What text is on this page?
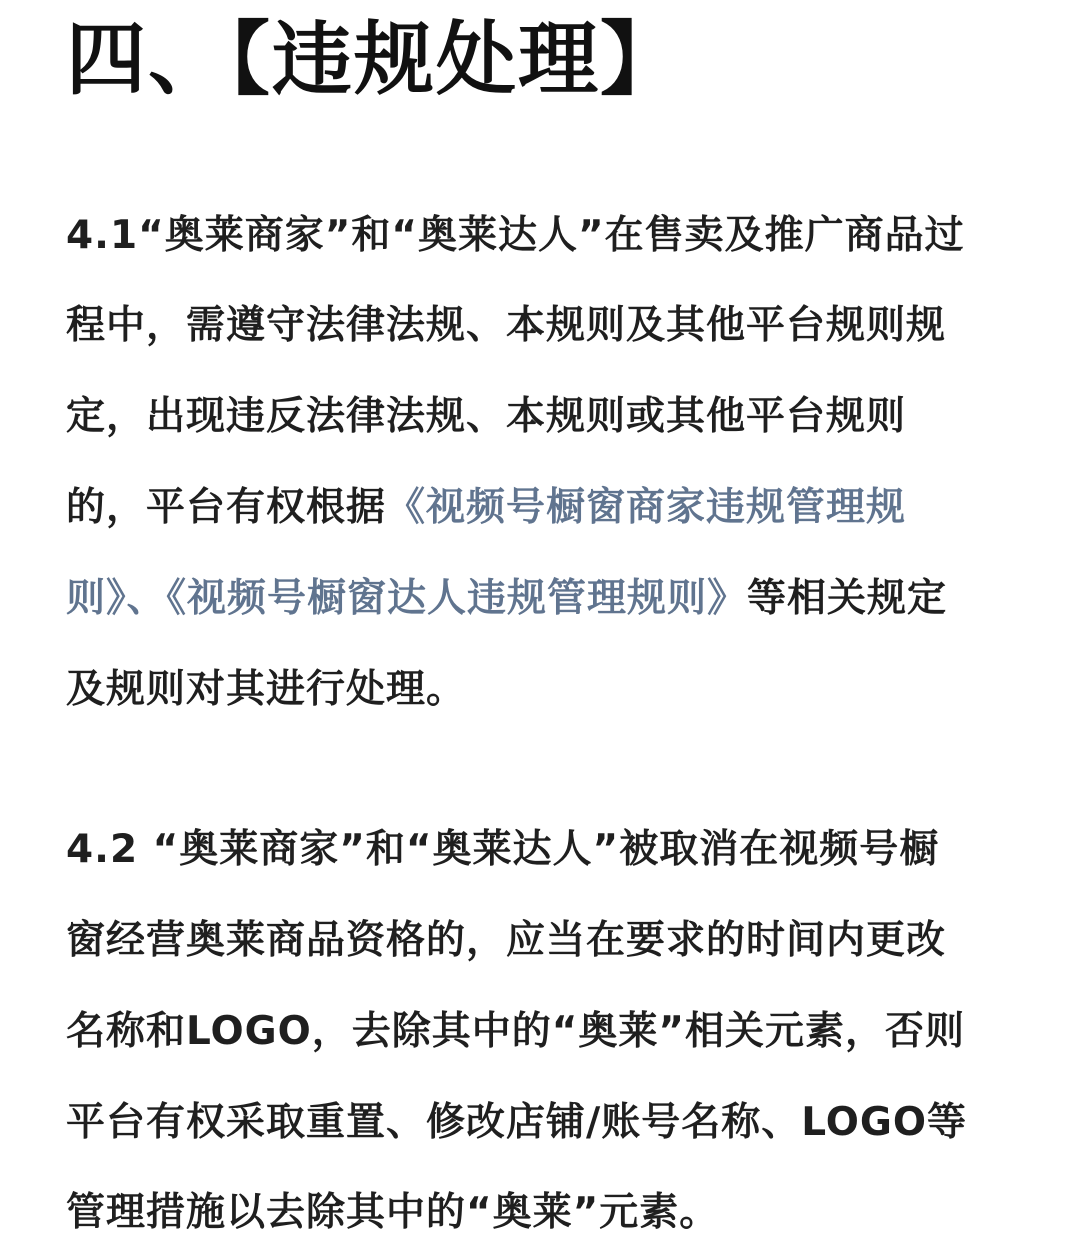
四、【违规处理】
4.1“奥莱商家”和“奥莱达人”在售卖及推广商品过
程中，需遵守法律法规、本规则及其他平台规则规
定，出现违反法律法规、本规则或其他平台规则
的，平台有权根据《视频号橱窗商家违规管理规
则》、《视频号橱窗达人违规管理规则》等相关规定
及规则对其进行处理。
4.2 “奥莱商家”和“奥莱达人”被取消在视频号橱
窗经营奥莱商品资格的，应当在要求的时间内更改
名称和LOGO，去除其中的“奥莱”相关元素，否则
平台有权采取重置、修改店铺/账号名称、LOGO等
管理措施以去除其中的“奥莱”元素。
